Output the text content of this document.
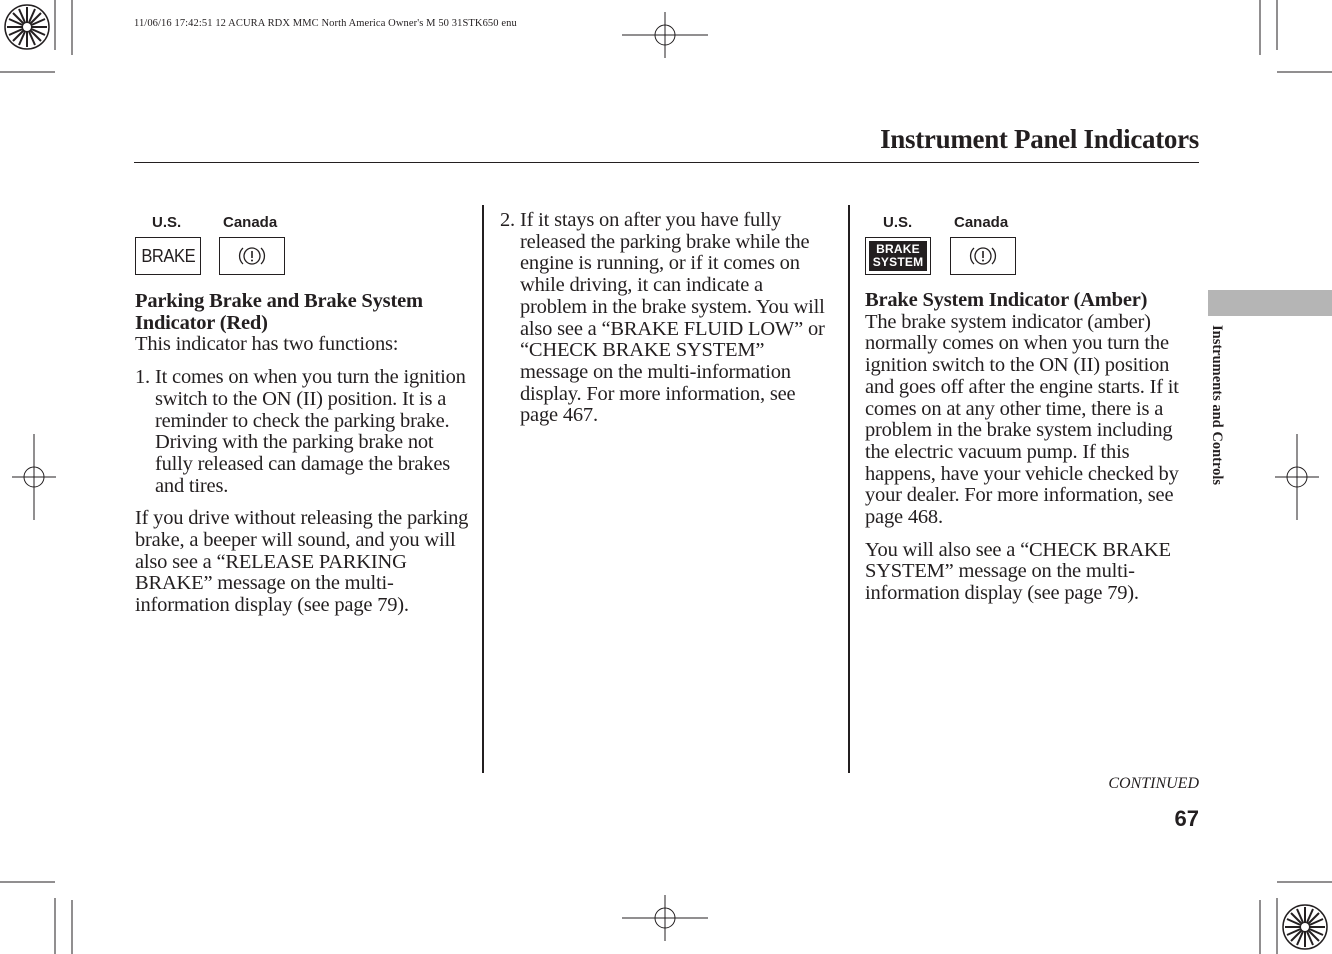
11/06/16 17:42:51 12 ACURA RDX MMC North America Owner's M 50 31STK650 enu
Instrument Panel Indicators
Instruments and Controls
U.S.	Canada
BRAKE

Parking Brake and Brake System Indicator (Red)

This indicator has two functions:

1. It comes on when you turn the ignition switch to the ON (II) position. It is a reminder to check the parking brake. Driving with the parking brake not fully released can damage the brakes and tires.

If you drive without releasing the parking brake, a beeper will sound, and you will also see a “RELEASE PARKING BRAKE” message on the multi-information display (see page 79).

2. If it stays on after you have fully released the parking brake while the engine is running, or if it comes on while driving, it can indicate a problem in the brake system. You will also see a “BRAKE FLUID LOW” or “CHECK BRAKE SYSTEM” message on the multi-information display. For more information, see page 467.
U.S.	Canada
BRAKE
SYSTEM

Brake System Indicator (Amber)

The brake system indicator (amber) normally comes on when you turn the ignition switch to the ON (II) position and goes off after the engine starts. If it comes on at any other time, there is a problem in the brake system including the electric vacuum pump. If this happens, have your vehicle checked by your dealer. For more information, see page 468.

You will also see a “CHECK BRAKE SYSTEM” message on the multi-information display (see page 79).

CONTINUED
67
